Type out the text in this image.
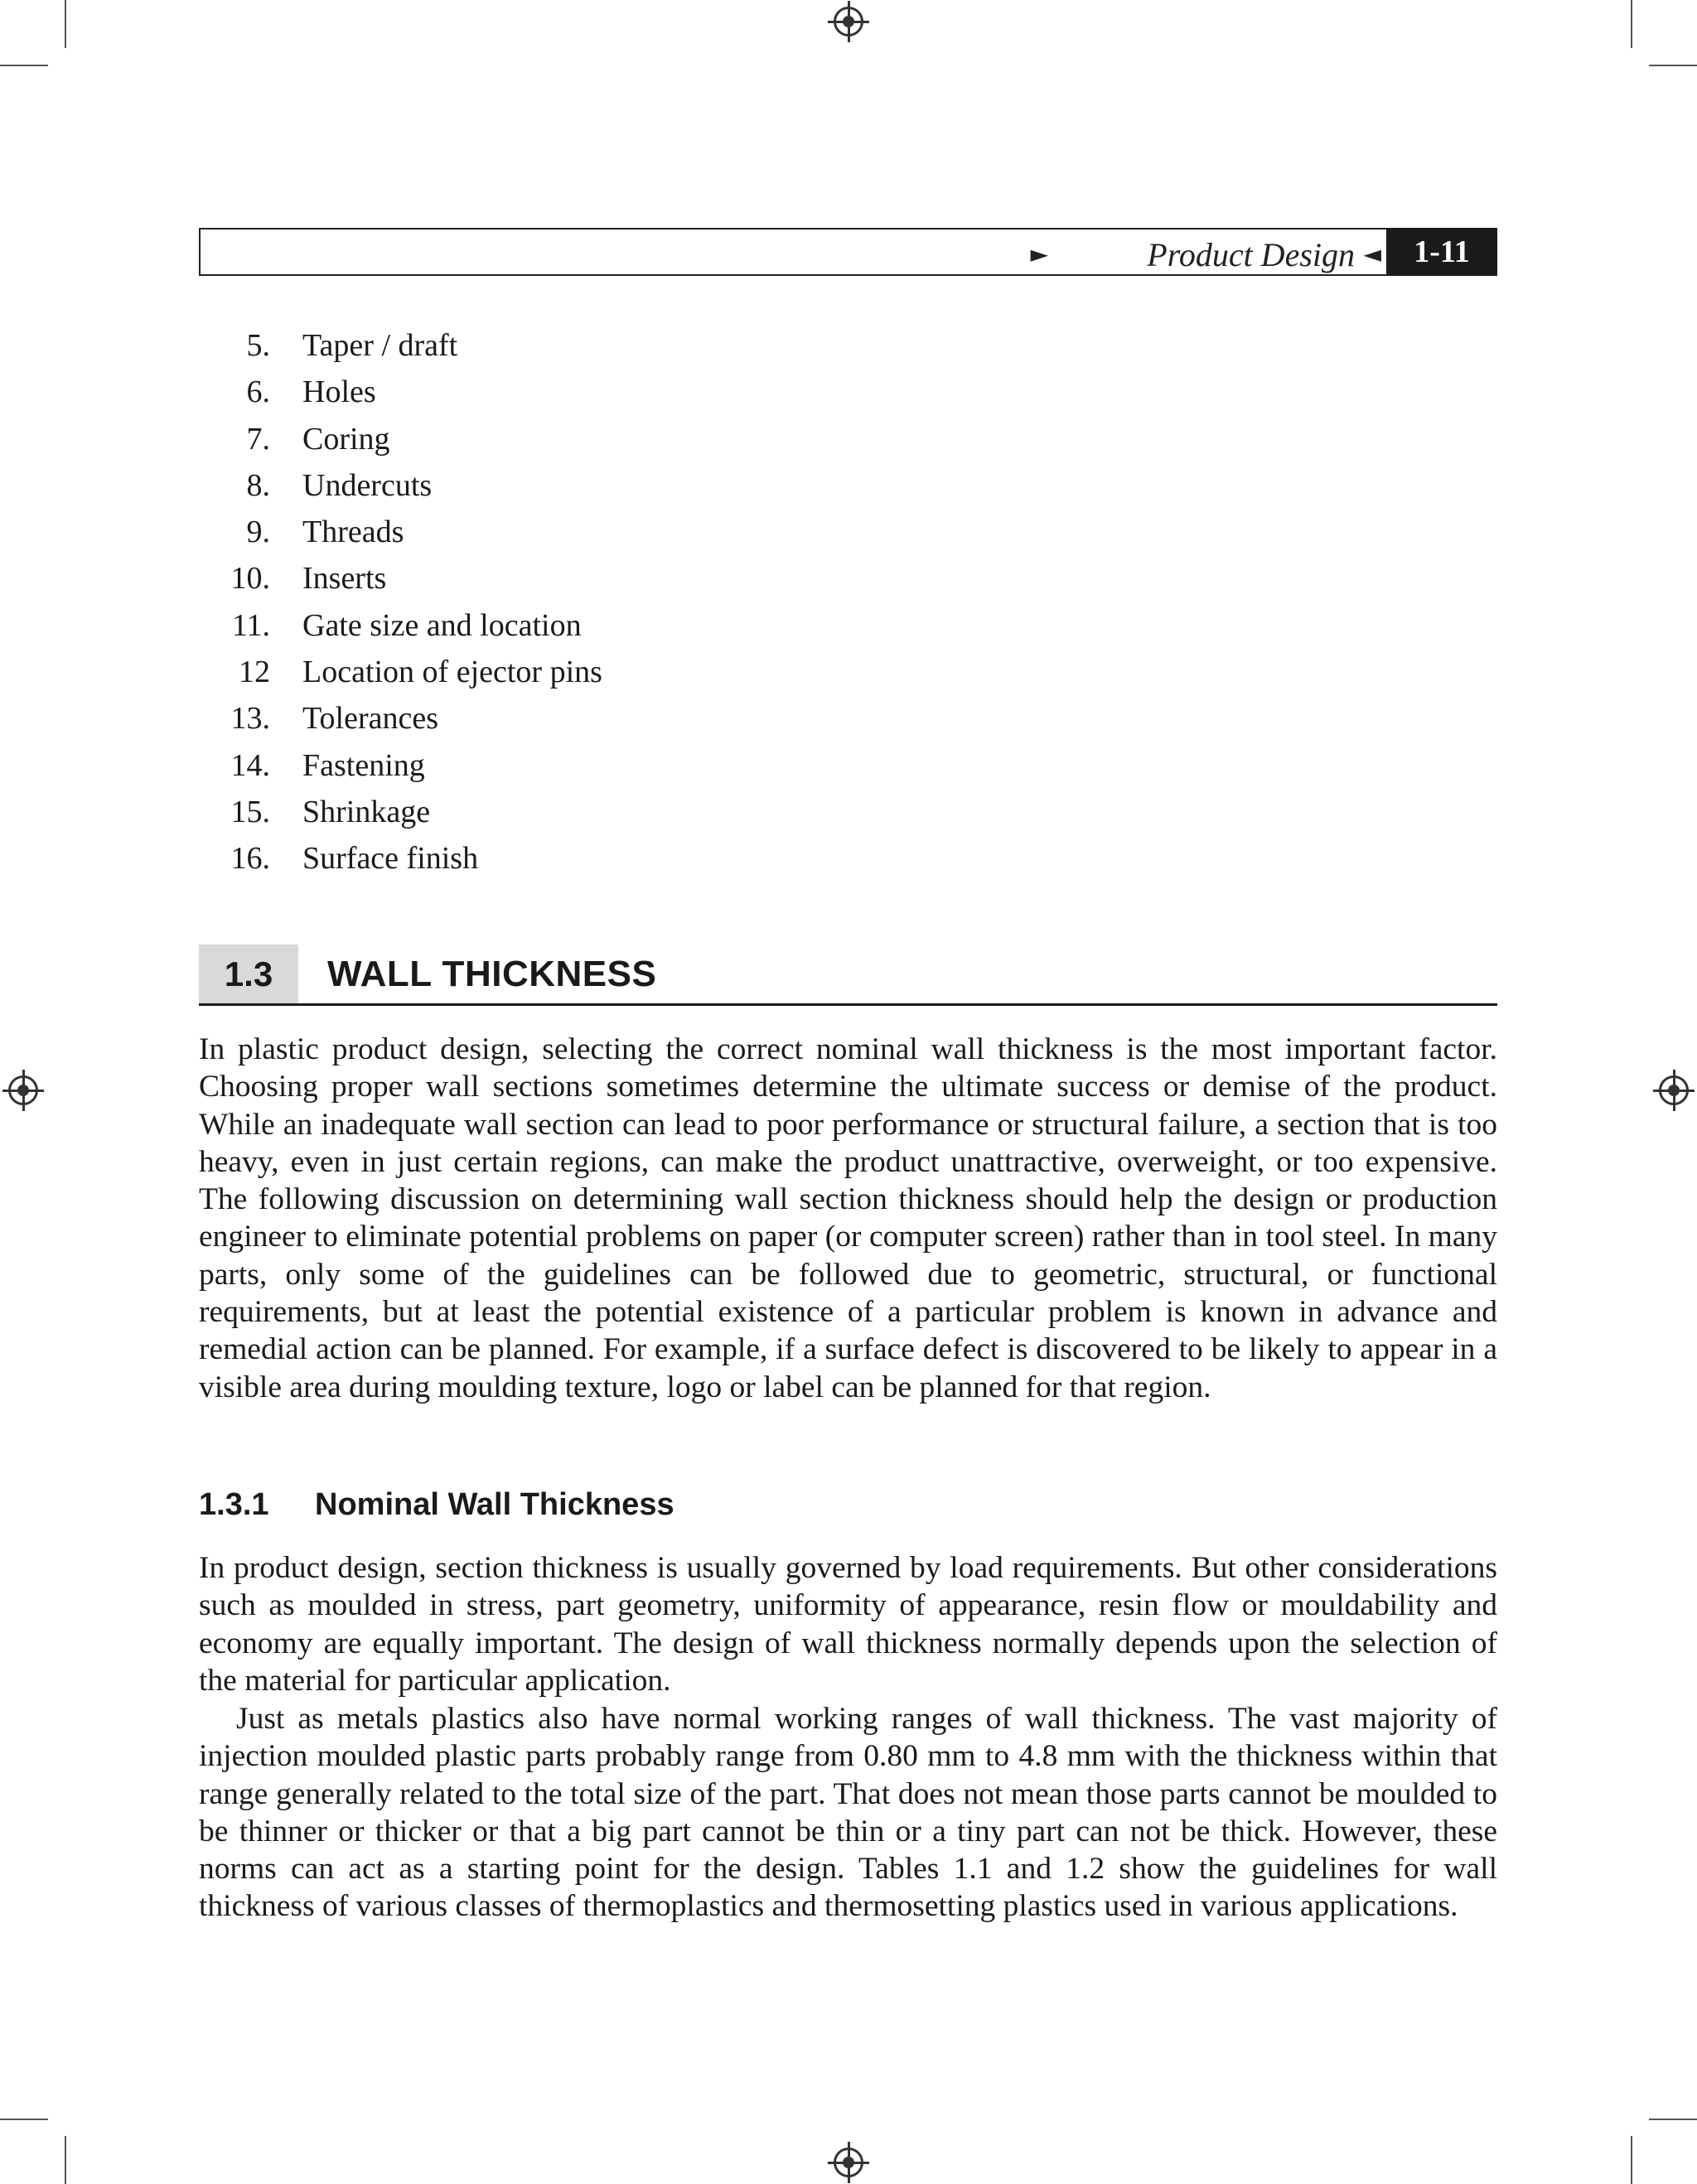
►	Product Design ◄	1-11
5. Taper / draft
6. Holes
7. Coring
8. Undercuts
9. Threads
10. Inserts
11. Gate size and location
12 Location of ejector pins
13. Tolerances
14. Fastening
15. Shrinkage
16. Surface finish
1.3	WALL THICKNESS

In plastic product design, selecting the correct nominal wall thickness is the most important factor. Choosing proper wall sections sometimes determine the ultimate success or demise of the product. While an inadequate wall section can lead to poor performance or structural failure, a section that is too heavy, even in just certain regions, can make the product unattractive, overweight, or too expensive. The following discussion on determining wall section thickness should help the design or production engineer to eliminate potential problems on paper (or computer screen) rather than in tool steel. In many parts, only some of the guidelines can be followed due to geometric, structural, or functional requirements, but at least the potential existence of a particular problem is known in advance and remedial action can be planned. For example, if a surface defect is discovered to be likely to appear in a visible area during moulding texture, logo or label can be planned for that region.

1.3.1 Nominal Wall Thickness

In product design, section thickness is usually governed by load requirements. But other considerations such as moulded in stress, part geometry, uniformity of appearance, resin flow or mouldability and economy are equally important. The design of wall thickness normally depends upon the selection of the material for particular application.

Just as metals plastics also have normal working ranges of wall thickness. The vast majority of injection moulded plastic parts probably range from 0.80 mm to 4.8 mm with the thickness within that range generally related to the total size of the part. That does not mean those parts cannot be moulded to be thinner or thicker or that a big part cannot be thin or a tiny part can not be thick. However, these norms can act as a starting point for the design. Tables 1.1 and 1.2 show the guidelines for wall thickness of various classes of thermoplastics and thermosetting plastics used in various applications.
